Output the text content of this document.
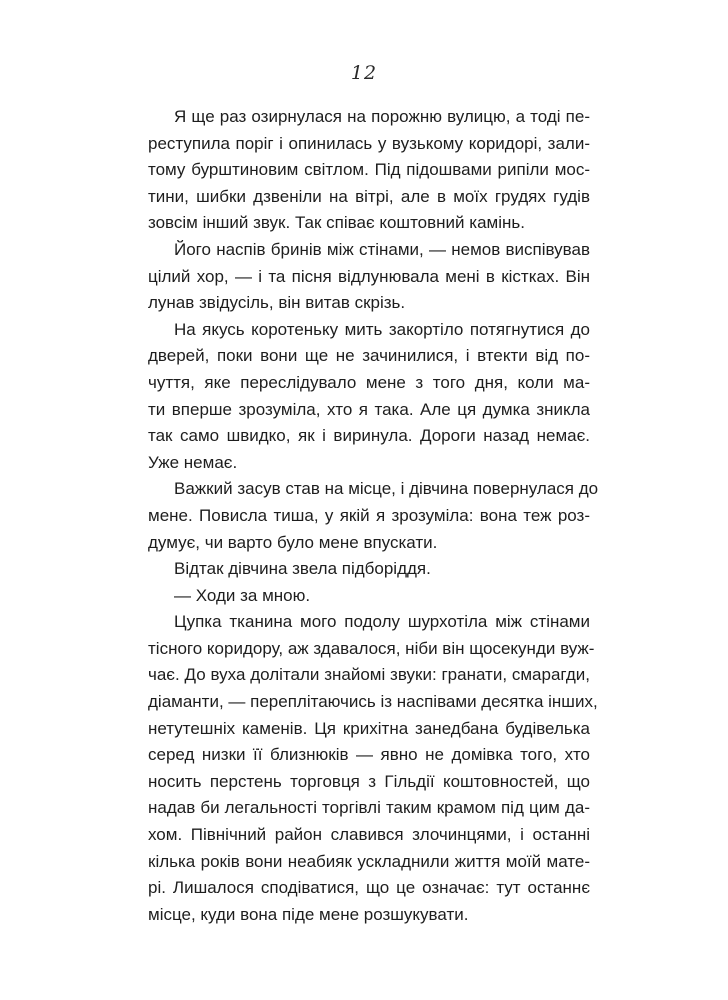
12
Я ще раз озирнулася на порожню вулицю, а тоді пе-
реступила поріг і опинилась у вузькому коридорі, зали-
тому бурштиновим світлом. Під підошвами рипіли мос-
тини, шибки дзвеніли на вітрі, але в моїх грудях гудів
зовсім інший звук. Так співає коштовний камінь.
Його наспів бринів між стінами, — немов виспівував
цілий хор, — і та пісня відлунювала мені в кістках. Він
лунав звідусіль, він витав скрізь.
На якусь коротеньку мить закортіло потягнутися до
дверей, поки вони ще не зачинилися, і втекти від по-
чуття, яке переслідувало мене з того дня, коли ма-
ти вперше зрозуміла, хто я така. Але ця думка зникла
так само швидко, як і виринула. Дороги назад немає.
Уже немає.
Важкий засув став на місце, і дівчина повернулася до
мене. Повисла тиша, у якій я зрозуміла: вона теж роз-
думує, чи варто було мене впускати.
Відтак дівчина звела підборіддя.
— Ходи за мною.
Цупка тканина мого подолу шурхотіла між стінами
тісного коридору, аж здавалося, ніби він щосекунди вуж-
чає. До вуха долітали знайомі звуки: гранати, смарагди,
діаманти, — переплітаючись із наспівами десятка інших,
нетутешніх каменів. Ця крихітна занедбана будівелька
серед низки її близнюків — явно не домівка того, хто
носить перстень торговця з Гільдії коштовностей, що
надав би легальності торгівлі таким крамом під цим да-
хом. Північний район славився злочинцями, і останні
кілька років вони неабияк ускладнили життя моїй мате-
рі. Лишалося сподіватися, що це означає: тут останнє
місце, куди вона піде мене розшукувати.
